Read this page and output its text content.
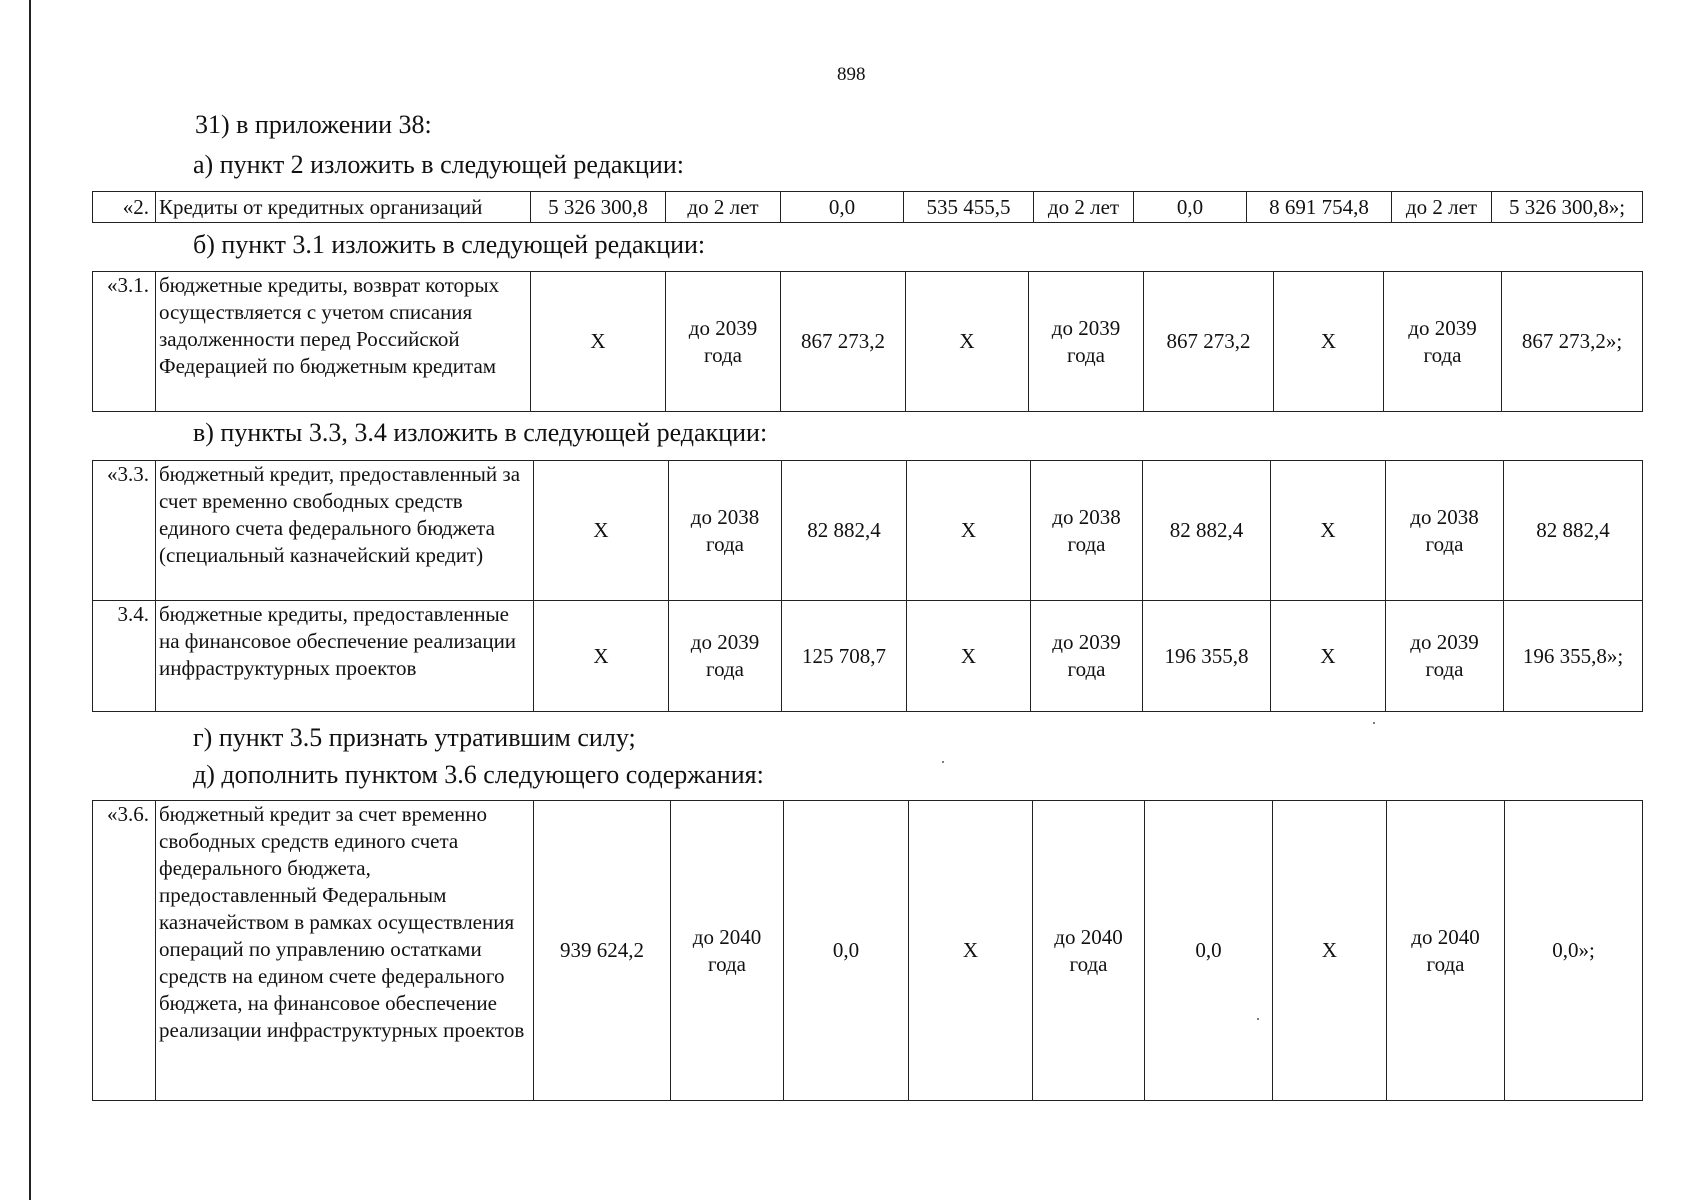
898
31) в приложении 38:
а) пункт 2 изложить в следующей редакции:
«2.	Кредиты от кредитных организаций	5 326 300,8	до 2 лет	0,0	535 455,5	до 2 лет	0,0	8 691 754,8	до 2 лет	5 326 300,8»;
б) пункт 3.1 изложить в следующей редакции:
«3.1.	бюджетные кредиты, возврат которых осуществляется с учетом списания задолженности перед Российской Федерацией по бюджетным кредитам	Х	до 2039 года	867 273,2	Х	до 2039 года	867 273,2	Х	до 2039 года	867 273,2»;
в) пункты 3.3, 3.4 изложить в следующей редакции:
«3.3.	бюджетный кредит, предоставленный за счет временно свободных средств единого счета федерального бюджета (специальный казначейский кредит)	Х	до 2038 года	82 882,4	Х	до 2038 года	82 882,4	Х	до 2038 года	82 882,4
3.4.	бюджетные кредиты, предоставленные на финансовое обеспечение реализации инфраструктурных проектов	Х	до 2039 года	125 708,7	Х	до 2039 года	196 355,8	Х	до 2039 года	196 355,8»;
г) пункт 3.5 признать утратившим силу;
д) дополнить пунктом 3.6 следующего содержания:
«3.6.	бюджетный кредит за счет временно свободных средств единого счета федерального бюджета, предоставленный Федеральным казначейством в рамках осуществления операций по управлению остатками средств на едином счете федерального бюджета, на финансовое обеспечение реализации инфраструктурных проектов	939 624,2	до 2040 года	0,0	Х	до 2040 года	0,0	Х	до 2040 года	0,0»;
